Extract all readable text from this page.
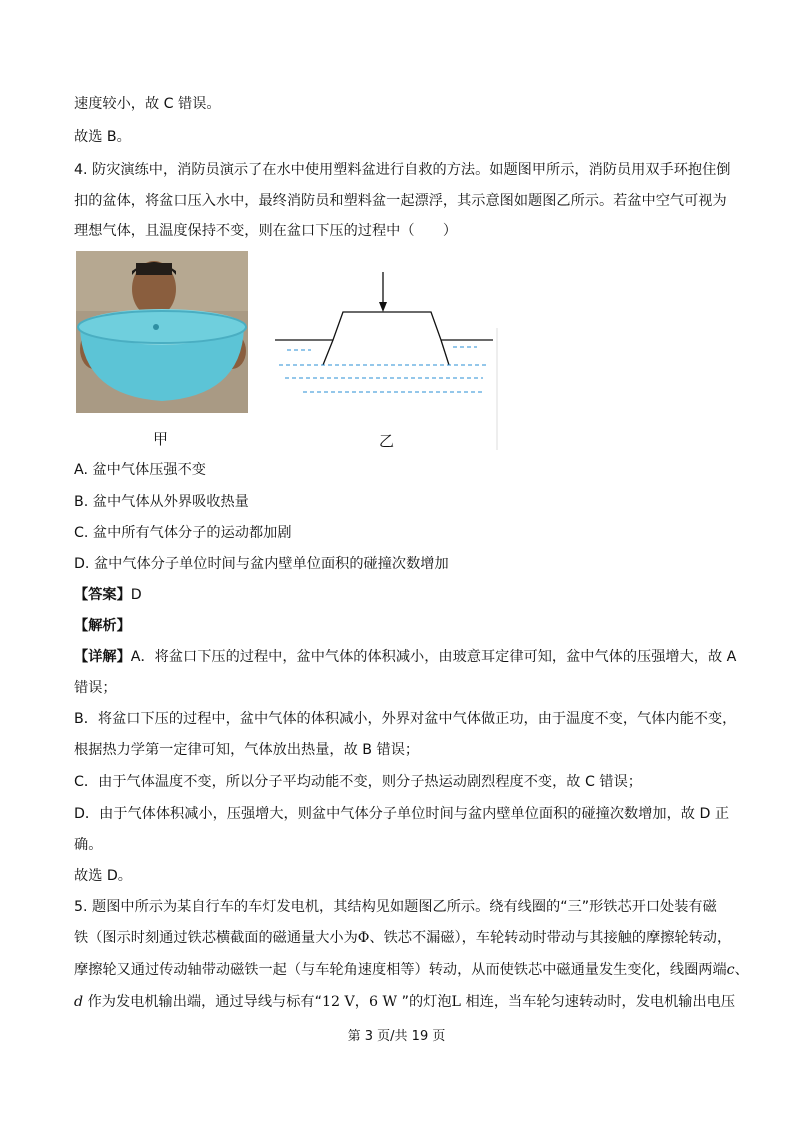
速度较小，故 C 错误。
故选 B。
4. 防灾演练中，消防员演示了在水中使用塑料盆进行自救的方法。如题图甲所示，消防员用双手环抱住倒
扣的盆体，将盆口压入水中，最终消防员和塑料盆一起漂浮，其示意图如题图乙所示。若盆中空气可视为
理想气体，且温度保持不变，则在盆口下压的过程中（　　）
甲	乙
A. 盆中气体压强不变
B. 盆中气体从外界吸收热量
C. 盆中所有气体分子的运动都加剧
D. 盆中气体分子单位时间与盆内壁单位面积的碰撞次数增加
【答案】D
【解析】
【详解】A．将盆口下压的过程中，盆中气体的体积减小，由玻意耳定律可知，盆中气体的压强增大，故 A
错误；
B．将盆口下压的过程中，盆中气体的体积减小，外界对盆中气体做正功，由于温度不变，气体内能不变，
根据热力学第一定律可知，气体放出热量，故 B 错误；
C．由于气体温度不变，所以分子平均动能不变，则分子热运动剧烈程度不变，故 C 错误；
D．由于气体体积减小，压强增大，则盆中气体分子单位时间与盆内壁单位面积的碰撞次数增加，故 D 正
确。
故选 D。
5. 题图中所示为某自行车的车灯发电机，其结构见如题图乙所示。绕有线圈的“三”形铁芯开口处装有磁
铁（图示时刻通过铁芯横截面的磁通量大小为Φ、铁芯不漏磁），车轮转动时带动与其接触的摩擦轮转动，
摩擦轮又通过传动轴带动磁铁一起（与车轮角速度相等）转动，从而使铁芯中磁通量发生变化，线圈两端c、
d 作为发电机输出端，通过导线与标有“12 V，6 W ”的灯泡L 相连，当车轮匀速转动时，发电机输出电压
第 3 页/共 19 页
